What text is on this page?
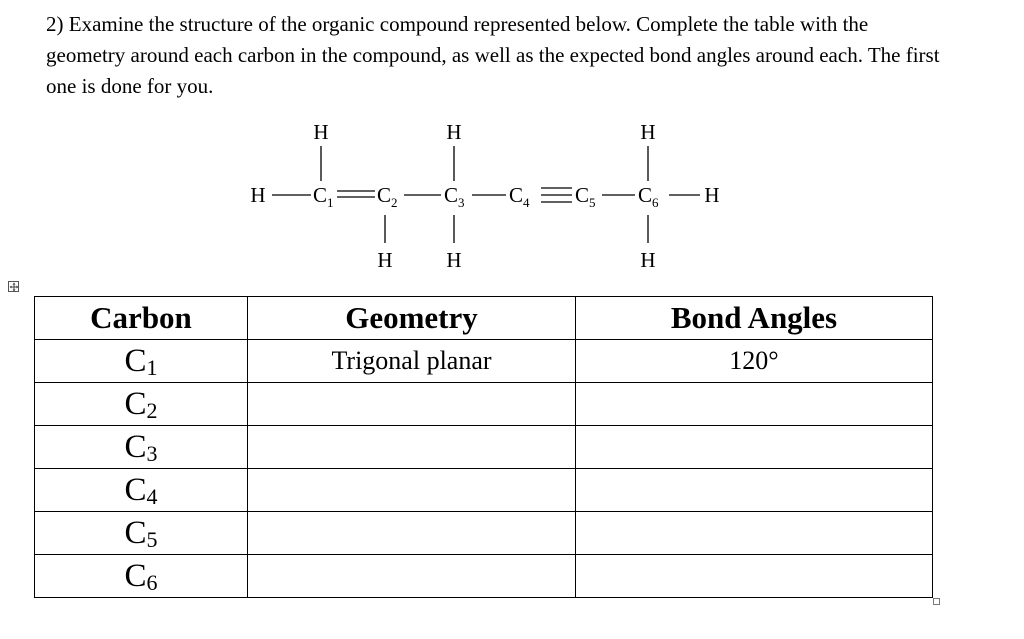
2) Examine the structure of the organic compound represented below. Complete the table with the geometry around each carbon in the compound, as well as the expected bond angles around each. The first one is done for you.

H	H	H
H	H
H	H	H
$C_1$ $C_2$ $C_3$ $C_4$ $C_5$ $C_6$
Carbon	Geometry	Bond Angles
$C_1$	Trigonal planar	120°
$C_2$		
$C_3$		
$C_4$		
$C_5$		
$C_6$		
